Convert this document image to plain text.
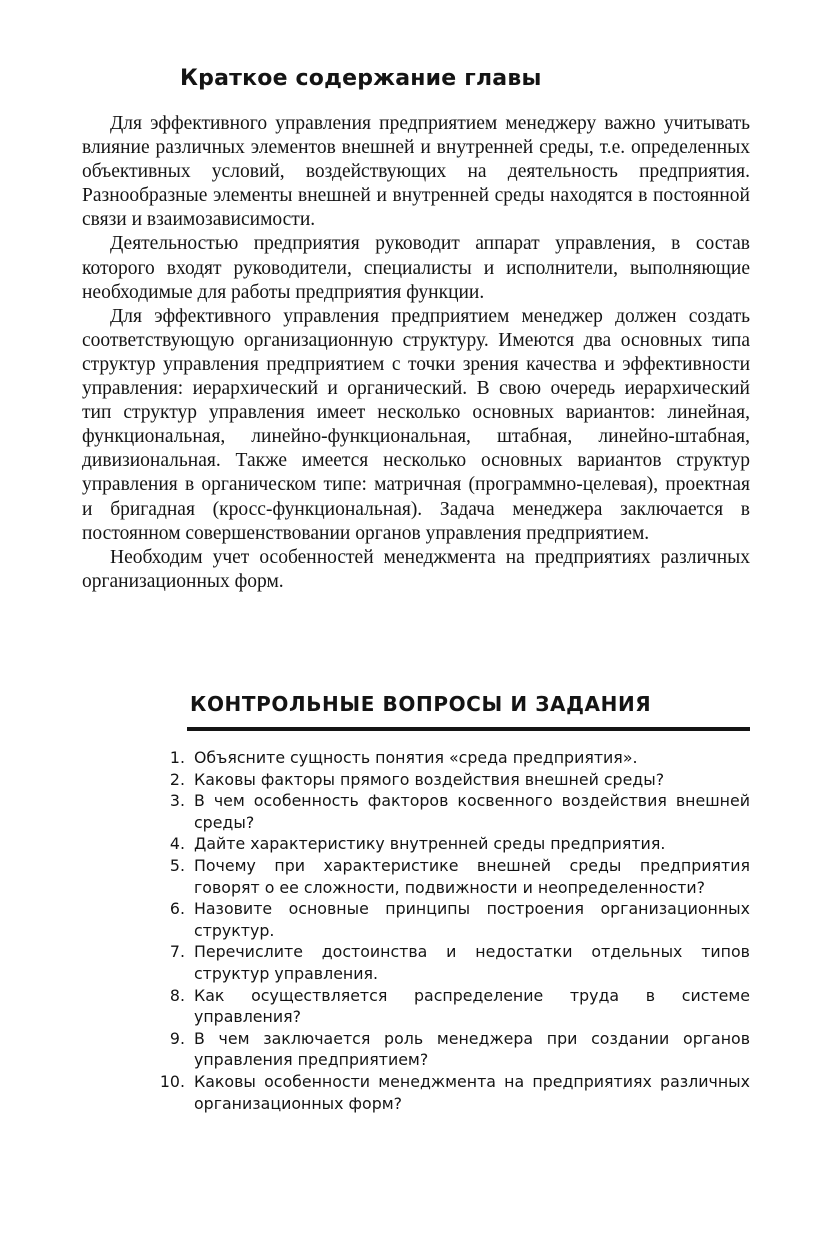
Краткое содержание главы

Для эффективного управления предприятием менеджеру важно учитывать влияние различных элементов внешней и внутренней среды, т.е. определенных объективных условий, воздействующих на деятельность предприятия. Разнообразные элементы внешней и внутренней среды находятся в постоянной связи и взаимозависимости.

Деятельностью предприятия руководит аппарат управления, в состав которого входят руководители, специалисты и исполнители, выполняющие необходимые для работы предприятия функции.

Для эффективного управления предприятием менеджер должен создать соответствующую организационную структуру. Имеются два основных типа структур управления предприятием с точки зрения качества и эффективности управления: иерархический и органический. В свою очередь иерархический тип структур управления имеет несколько основных вариантов: линейная, функциональная, линейно-функциональная, штабная, линейно-штабная, дивизиональная. Также имеется несколько основных вариантов структур управления в органическом типе: матричная (программно-целевая), проектная и бригадная (кросс-функциональная). Задача менеджера заключается в постоянном совершенствовании органов управления предприятием.

Необходим учет особенностей менеджмента на предприятиях различных организационных форм.

КОНТРОЛЬНЫЕ ВОПРОСЫ И ЗАДАНИЯ
1. Объясните сущность понятия «среда предприятия».
2. Каковы факторы прямого воздействия внешней среды?
3. В чем особенность факторов косвенного воздействия внешней среды?
4. Дайте характеристику внутренней среды предприятия.
5. Почему при характеристике внешней среды предприятия говорят о ее сложности, подвижности и неопределенности?
6. Назовите основные принципы построения организационных структур.
7. Перечислите достоинства и недостатки отдельных типов структур управления.
8. Как осуществляется распределение труда в системе управления?
9. В чем заключается роль менеджера при создании органов управления предприятием?
10. Каковы особенности менеджмента на предприятиях различных организационных форм?
